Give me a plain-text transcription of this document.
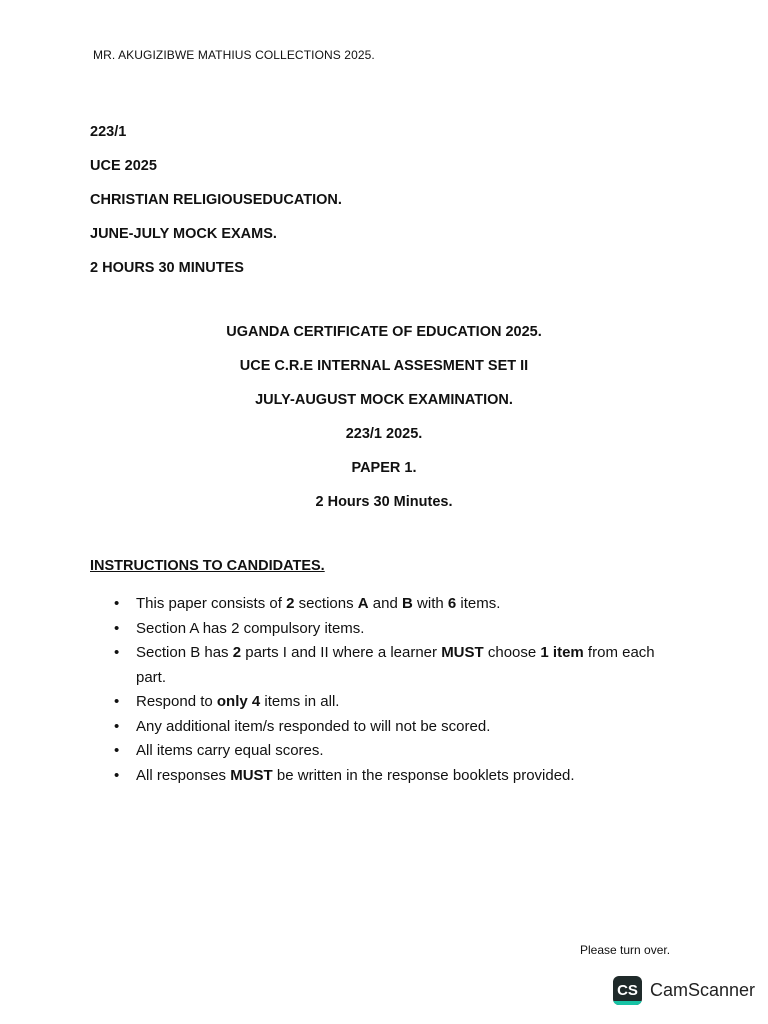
MR. AKUGIZIBWE MATHIUS COLLECTIONS 2025.
223/1
UCE 2025
CHRISTIAN RELIGIOUSEDUCATION.
JUNE-JULY MOCK EXAMS.
2 HOURS 30 MINUTES
UGANDA CERTIFICATE OF EDUCATION 2025.
UCE C.R.E INTERNAL ASSESMENT SET II
JULY-AUGUST MOCK EXAMINATION.
223/1 2025.
PAPER 1.
2 Hours 30 Minutes.
INSTRUCTIONS TO CANDIDATES.
• This paper consists of 2 sections A and B with 6 items.
• Section A has 2 compulsory items.
• Section B has 2 parts I and II where a learner MUST choose 1 item from each part.
• Respond to only 4 items in all.
• Any additional item/s responded to will not be scored.
• All items carry equal scores.
• All responses MUST be written in the response booklets provided.
Please turn over.
CS CamScanner
